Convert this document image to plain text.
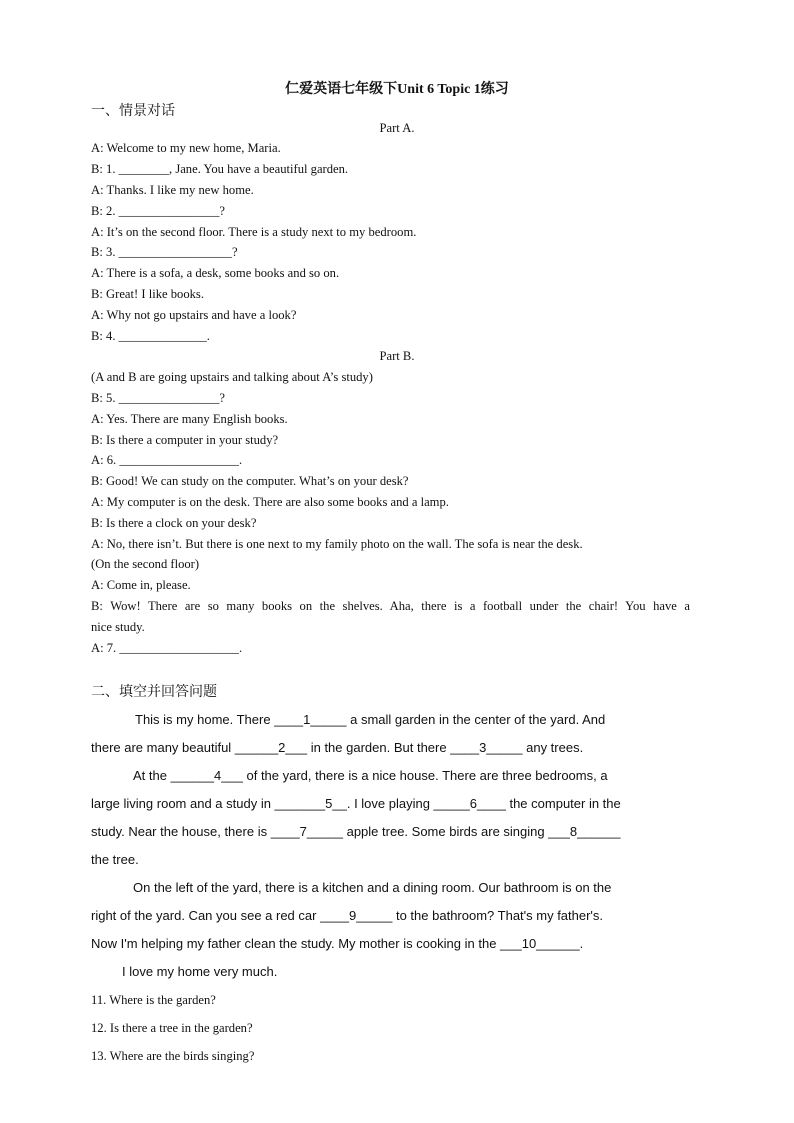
仁爱英语七年级下Unit 6 Topic 1练习
一、情景对话
Part A.
A: Welcome to my new home, Maria.
B: 1. ________, Jane. You have a beautiful garden.
A: Thanks. I like my new home.
B: 2. ________________?
A: It’s on the second floor. There is a study next to my bedroom.
B: 3. __________________?
A: There is a sofa, a desk, some books and so on.
B: Great! I like books.
A: Why not go upstairs and have a look?
B: 4. ______________.
Part B.
(A and B are going upstairs and talking about A’s study)
B: 5. ________________?
A: Yes. There are many English books.
B: Is there a computer in your study?
A: 6. ___________________.
B: Good! We can study on the computer. What’s on your desk?
A: My computer is on the desk. There are also some books and a lamp.
B: Is there a clock on your desk?
A: No, there isn’t. But there is one next to my family photo on the wall. The sofa is near the desk.
(On the second floor)
A: Come in, please.
B: Wow! There are so many books on the shelves. Aha, there is a football under the chair! You have a
nice study.
A: 7. ___________________.
二、填空并回答问题
This is my home. There ____1_____ a small garden in the center of the yard. And
there are many beautiful ______2___ in the garden. But there ____3_____ any trees.
At the ______4___ of the yard, there is a nice house. There are three bedrooms, a
large living room and a study in _______5__. I love playing _____6____ the computer in the
study. Near the house, there is ____7_____ apple tree. Some birds are singing ___8______
the tree.
On the left of the yard, there is a kitchen and a dining room. Our bathroom is on the
right of the yard. Can you see a red car ____9_____ to the bathroom? That's my father's.
Now I'm helping my father clean the study. My mother is cooking in the ___10______.
I love my home very much.
11. Where is the garden?
12. Is there a tree in the garden?
13. Where are the birds singing?
